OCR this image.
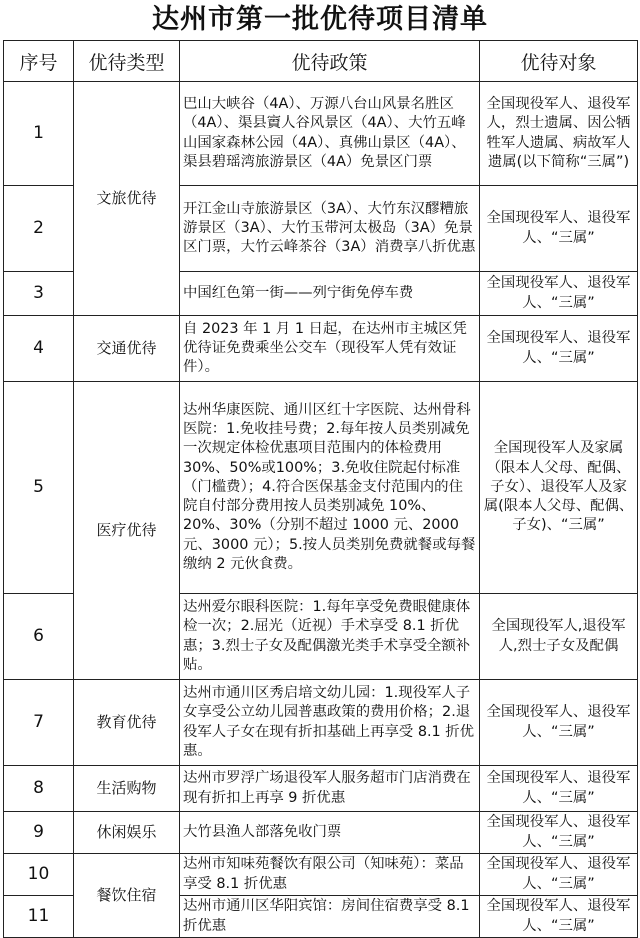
达州市第一批优待项目清单
序号	优待类型	优待政策	优待对象
1	文旅优待	巴山大峡谷（4A）、万源八台山风景名胜区（4A）、渠县賨人谷风景区（4A）、大竹五峰山国家森林公园（4A）、真佛山景区（4A）、渠县碧瑶湾旅游景区（4A）免景区门票	全国现役军人、退役军人，烈士遗属、因公牺牲军人遗属、病故军人遗属(以下简称“三属”)
2		开江金山寺旅游景区（3A）、大竹东汉醪糟旅游景区（3A）、大竹玉带河太极岛（3A）免景区门票，大竹云峰茶谷（3A）消费享八折优惠	全国现役军人、退役军人、“三属”
3		中国红色第一街——列宁街免停车费	全国现役军人、退役军人、“三属”
4	交通优待	自 2023 年 1 月 1 日起，在达州市主城区凭优待证免费乘坐公交车（现役军人凭有效证件）。	全国现役军人、退役军人、“三属”
5	医疗优待	达州华康医院、通川区红十字医院、达州骨科医院：1.免收挂号费；2.每年按人员类别减免一次规定体检优惠项目范围内的体检费用 30%、50%或100%；3.免收住院起付标准（门槛费）；4.符合医保基金支付范围内的住院自付部分费用按人员类别减免 10%、20%、30%（分别不超过 1000 元、2000 元、3000 元）；5.按人员类别免费就餐或每餐缴纳 2 元伙食费。	全国现役军人及家属（限本人父母、配偶、子女）、退役军人及家属(限本人父母、配偶、子女)、“三属”
6		达州爱尔眼科医院：1.每年享受免费眼健康体检一次；2.屈光（近视）手术享受 8.1 折优惠；3.烈士子女及配偶激光类手术享受全额补贴。	全国现役军人,退役军人,烈士子女及配偶
7	教育优待	达州市通川区秀启培文幼儿园：1.现役军人子女享受公立幼儿园普惠政策的费用价格；2.退役军人子女在现有折扣基础上再享受 8.1 折优惠。	全国现役军人、退役军人、“三属”
8	生活购物	达州市罗浮广场退役军人服务超市门店消费在现有折扣上再享 9 折优惠	全国现役军人、退役军人、“三属”
9	休闲娱乐	大竹县渔人部落免收门票	全国现役军人、退役军人、“三属”
10	餐饮住宿	达州市知味苑餐饮有限公司（知味苑）：菜品享受 8.1 折优惠	全国现役军人、退役军人、“三属”
11		达州市通川区华阳宾馆：房间住宿费享受 8.1 折优惠	全国现役军人、退役军人、“三属”
